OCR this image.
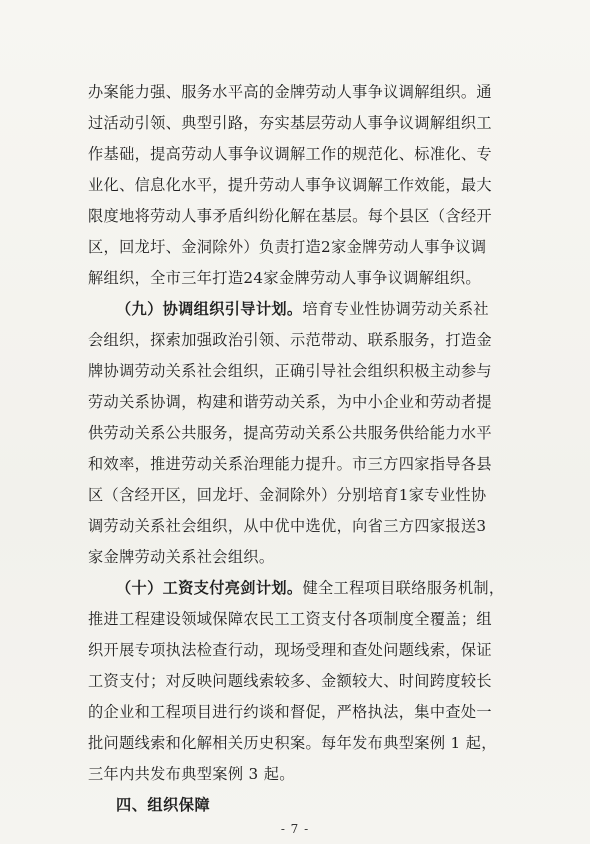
办案能力强、服务水平高的金牌劳动人事争议调解组织。通
过活动引领、典型引路，夯实基层劳动人事争议调解组织工
作基础，提高劳动人事争议调解工作的规范化、标准化、专
业化、信息化水平，提升劳动人事争议调解工作效能，最大
限度地将劳动人事矛盾纠纷化解在基层。每个县区（含经开
区，回龙圩、金洞除外）负责打造2家金牌劳动人事争议调
解组织，全市三年打造24家金牌劳动人事争议调解组织。
（九）协调组织引导计划。培育专业性协调劳动关系社
会组织，探索加强政治引领、示范带动、联系服务，打造金
牌协调劳动关系社会组织，正确引导社会组织积极主动参与
劳动关系协调，构建和谐劳动关系，为中小企业和劳动者提
供劳动关系公共服务，提高劳动关系公共服务供给能力水平
和效率，推进劳动关系治理能力提升。市三方四家指导各县
区（含经开区，回龙圩、金洞除外）分别培育1家专业性协
调劳动关系社会组织，从中优中选优，向省三方四家报送3
家金牌劳动关系社会组织。
（十）工资支付亮剑计划。健全工程项目联络服务机制，
推进工程建设领域保障农民工工资支付各项制度全覆盖；组
织开展专项执法检查行动，现场受理和查处问题线索，保证
工资支付；对反映问题线索较多、金额较大、时间跨度较长
的企业和工程项目进行约谈和督促，严格执法，集中查处一
批问题线索和化解相关历史积案。每年发布典型案例 1 起，
三年内共发布典型案例 3 起。
四、组织保障
- 7 -
